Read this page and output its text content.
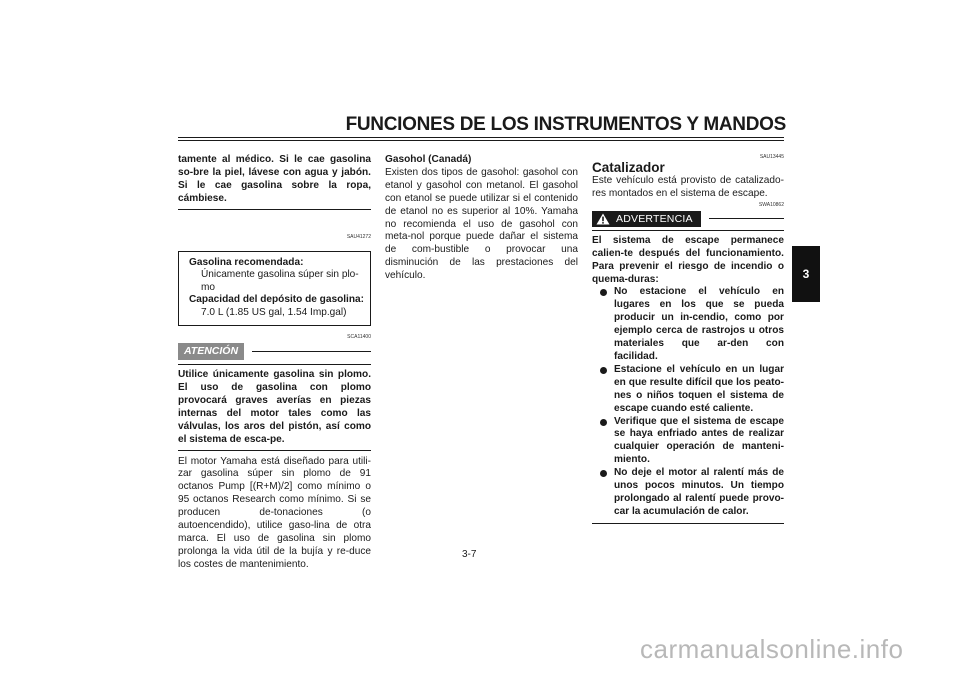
FUNCIONES DE LOS INSTRUMENTOS Y MANDOS
3
tamente al médico. Si le cae gasolina so-bre la piel, lávese con agua y jabón. Si le cae gasolina sobre la ropa, cámbiese.
SAU41272
Gasolina recomendada:
Únicamente gasolina súper sin plo-mo
Capacidad del depósito de gasolina:
7.0 L (1.85 US gal, 1.54 Imp.gal)
SCA11400
ATENCIÓN
Utilice únicamente gasolina sin plomo. El uso de gasolina con plomo provocará graves averías en piezas internas del motor tales como las válvulas, los aros del pistón, así como el sistema de esca-pe.
El motor Yamaha está diseñado para utili-zar gasolina súper sin plomo de 91 octanos Pump [(R+M)/2] como mínimo o 95 octanos Research como mínimo. Si se producen de-tonaciones (o autoencendido), utilice gaso-lina de otra marca. El uso de gasolina sin plomo prolonga la vida útil de la bujía y re-duce los costes de mantenimiento.
Gasohol (Canadá)
Existen dos tipos de gasohol: gasohol con etanol y gasohol con metanol. El gasohol con etanol se puede utilizar si el contenido de etanol no es superior al 10%. Yamaha no recomienda el uso de gasohol con meta-nol porque puede dañar el sistema de com-bustible o provocar una disminución de las prestaciones del vehículo.
SAU13445
Catalizador
Este vehículo está provisto de catalizado-res montados en el sistema de escape.
SWA10862
ADVERTENCIA
El sistema de escape permanece calien-te después del funcionamiento. Para prevenir el riesgo de incendio o quema-duras:
No estacione el vehículo en lugares en los que se pueda producir un in-cendio, como por ejemplo cerca de rastrojos u otros materiales que ar-den con facilidad.
Estacione el vehículo en un lugar en que resulte difícil que los peato-nes o niños toquen el sistema de escape cuando esté caliente.
Verifique que el sistema de escape se haya enfriado antes de realizar cualquier operación de manteni-miento.
No deje el motor al ralentí más de unos pocos minutos. Un tiempo prolongado al ralentí puede provo-car la acumulación de calor.
3-7
carmanualsonline.info
